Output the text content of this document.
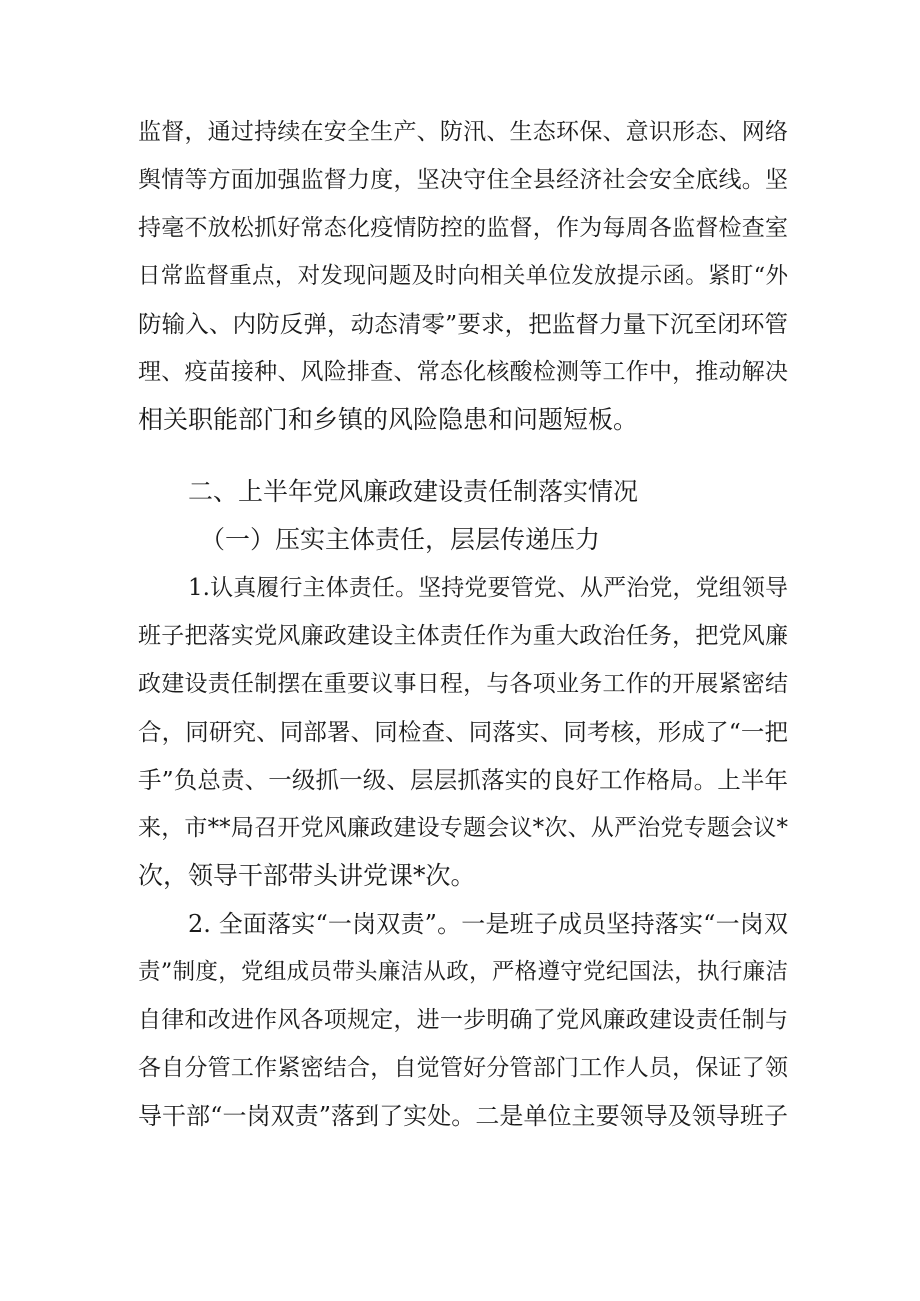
监督，通过持续在安全生产、防汛、生态环保、意识形态、网络
舆情等方面加强监督力度，坚决守住全县经济社会安全底线。坚
持毫不放松抓好常态化疫情防控的监督，作为每周各监督检查室
日常监督重点，对发现问题及时向相关单位发放提示函。紧盯“外
防输入、内防反弹，动态清零”要求，把监督力量下沉至闭环管
理、疫苗接种、风险排查、常态化核酸检测等工作中，推动解决
相关职能部门和乡镇的风险隐患和问题短板。
二、上半年党风廉政建设责任制落实情况
（一）压实主体责任，层层传递压力
1.认真履行主体责任。坚持党要管党、从严治党，党组领导
班子把落实党风廉政建设主体责任作为重大政治任务，把党风廉
政建设责任制摆在重要议事日程，与各项业务工作的开展紧密结
合，同研究、同部署、同检查、同落实、同考核，形成了“一把
手”负总责、一级抓一级、层层抓落实的良好工作格局。上半年
来，市**局召开党风廉政建设专题会议*次、从严治党专题会议*
次，领导干部带头讲党课*次。
2. 全面落实“一岗双责”。一是班子成员坚持落实“一岗双
责”制度，党组成员带头廉洁从政，严格遵守党纪国法，执行廉洁
自律和改进作风各项规定，进一步明确了党风廉政建设责任制与
各自分管工作紧密结合，自觉管好分管部门工作人员，保证了领
导干部“一岗双责”落到了实处。二是单位主要领导及领导班子
